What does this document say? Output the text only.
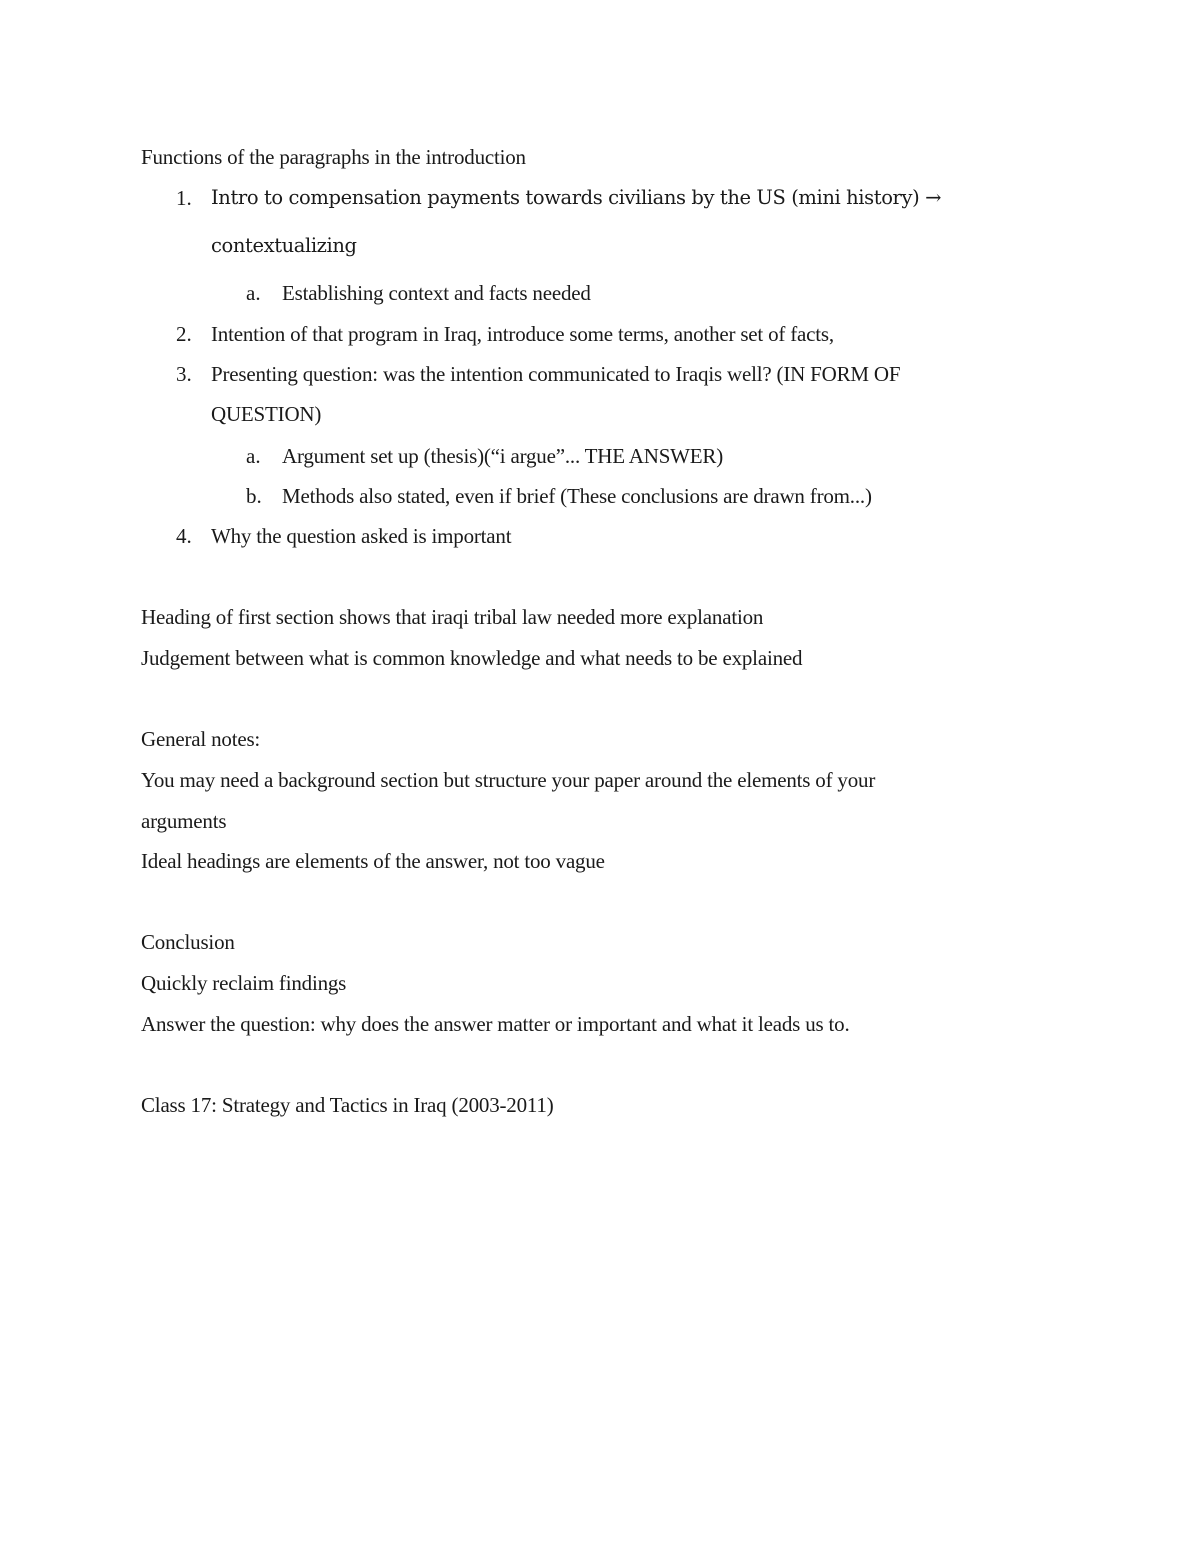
Functions of the paragraphs in the introduction
1. Intro to compensation payments towards civilians by the US (mini history) →
contextualizing
a. Establishing context and facts needed
2. Intention of that program in Iraq, introduce some terms, another set of facts,
3. Presenting question: was the intention communicated to Iraqis well? (IN FORM OF
QUESTION)
a. Argument set up (thesis)(“i argue”... THE ANSWER)
b. Methods also stated, even if brief (These conclusions are drawn from...)
4. Why the question asked is important
Heading of first section shows that iraqi tribal law needed more explanation
Judgement between what is common knowledge and what needs to be explained
General notes:
You may need a background section but structure your paper around the elements of your
arguments
Ideal headings are elements of the answer, not too vague
Conclusion
Quickly reclaim findings
Answer the question: why does the answer matter or important and what it leads us to.
Class 17: Strategy and Tactics in Iraq (2003-2011)
